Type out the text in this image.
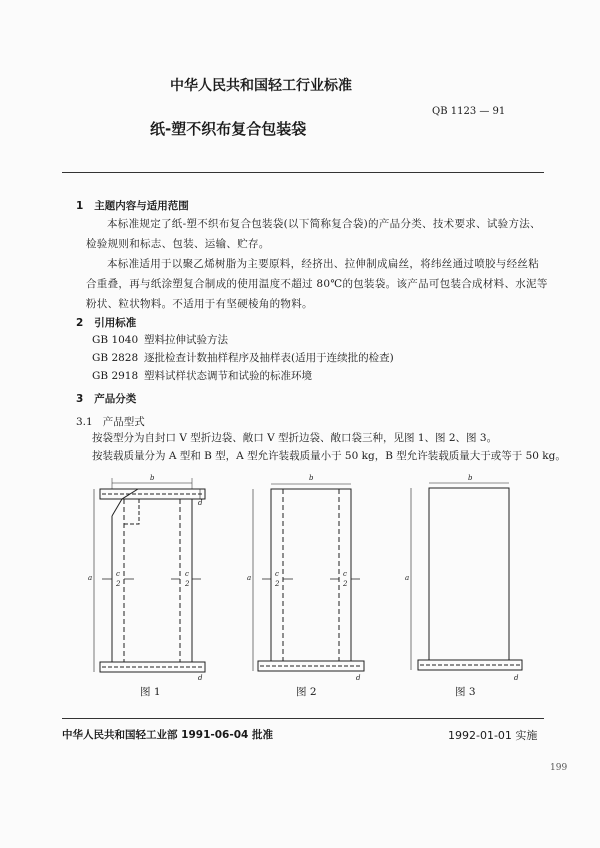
中华人民共和国轻工行业标准
QB 1123 — 91
纸-塑不织布复合包装袋
1 主题内容与适用范围
本标准规定了纸-塑不织布复合包装袋(以下简称复合袋)的产品分类、技术要求、试验方法、检验规则和标志、包装、运输、贮存。
本标准适用于以聚乙烯树脂为主要原料，经挤出、拉伸制成扁丝，将纬丝通过喷胶与经丝粘合重叠，再与纸涂塑复合制成的使用温度不超过 80℃的包装袋。该产品可包装合成材料、水泥等粉状、粒状物料。不适用于有坚硬棱角的物料。
2 引用标准
GB 1040 塑料拉伸试验方法
GB 2828 逐批检查计数抽样程序及抽样表(适用于连续批的检查)
GB 2918 塑料试样状态调节和试验的标准环境
3 产品分类
3.1 产品型式
按袋型分为自封口 V 型折边袋、敞口 V 型折边袋、敞口袋三种，见图 1、图 2、图 3。
按装载质量分为 A 型和 B 型，A 型允许装载质量小于 50 kg，B 型允许装载质量大于或等于 50 kg。
b	b	b
a	a	a
c
2
c
2
c
2
c
2
d
d	d	d
图 1	图 2	图 3
中华人民共和国轻工业部 1991-06-04 批准	1992-01-01 实施
199
